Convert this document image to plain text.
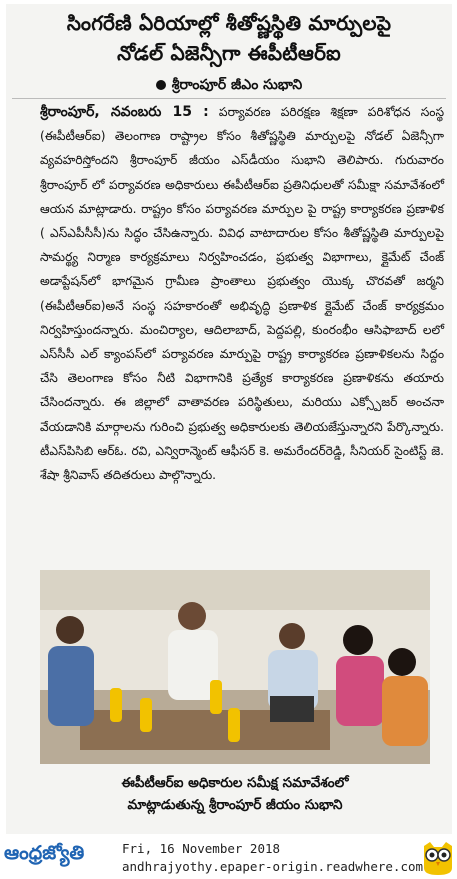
సింగరేణి ఏరియాల్లో శీతోష్ణస్థితి మార్పులపై
నోడల్ ఏజెన్సీగా ఈపీటీఆర్ఐ
శ్రీరాంపూర్ జీఎం సుభాని
శ్రీరాంపూర్, నవంబరు 15 : పర్యావరణ పరిరక్షణ శిక్షణా పరిశోధన సంస్థ (ఈపీటీఆర్ఐ) తెలంగాణ రాష్ట్రాల కోసం శీతోష్ణస్థితి మార్పులపై నోడల్ ఏజెన్సీగా వ్యవహరిస్తోందని శ్రీరాంపూర్ జీయం ఎస్‌డీయం సుభాని తెలిపారు. గురువారం శ్రీరాంపూర్ లో పర్యావరణ అధికారులు ఈపీటీఆర్ఐ ప్రతినిధులతో సమీక్షా సమావేశంలో ఆయన మాట్లాడారు. రాష్ట్రం కోసం పర్యావరణ మార్పుల పై రాష్ట్ర కార్యాకరణ ప్రణాళిక ( ఎస్ఎపీసీసీ)ను సిద్ధం చేసిఉన్నారు. వివిధ వాటాదారుల కోసం శీతోష్ణస్థితి మార్పులపై సామర్థ్య నిర్మాణ కార్యక్రమాలు నిర్వహించడం, ప్రభుత్వ విభాగాలు, క్లైమేట్ చేంజ్ అడాప్టేషన్‌లో భాగమైన గ్రామీణ ప్రాంతాలు ప్రభుత్వం యొక్క చొరవతో జర్మని (ఈపీటీఆర్ఐ)అనే సంస్థ సహకారంతో అభివృద్ధి ప్రణాళిక క్లైమేట్ చేంజ్ కార్యక్రమం నిర్వహిస్తుందన్నారు. మంచిర్యాల, ఆదిలాబాద్, పెద్దపల్లి, కుంరంభీం ఆసిఫాబాద్ లలో ఎస్‌సీసీ ఎల్ క్యాంపస్‌లో పర్యావరణ మార్పుపై రాష్ట్ర కార్యాకరణ ప్రణాళికలను సిద్దం చేసి తెలంగాణ కోసం నీటి విభాగానికి ప్రత్యేక కార్యాకరణ ప్రణాళికను తయారు చేసిందన్నారు. ఈ జిల్లాలో వాతావరణ పరిస్థితులు, మరియు ఎక్స్పోజర్ అంచనా వేయడానికి మార్గాలను గురించి ప్రభుత్వ అధికారులకు తెలియజేస్తున్నారని పేర్కొన్నారు. టీఎస్‌పిసిబి ఆర్ఓ. రవి, ఎన్విరాన్మెంట్ ఆఫీసర్ కె. అమరేందర్‌రెడ్డి, సీనియర్ సైంటిస్ట్ జె. శేషా శ్రీనివాస్ తదితరులు పాల్గొన్నారు.
ఈపీటీఆర్ఐ అధికారుల సమీక్ష సమావేశంలో
మాట్లాడుతున్న శ్రీరాంపూర్ జీయం సుభాని
ఆంధ్రజ్యోతి	Fri, 16 November 2018
andhrajyothy.epaper-origin.readwhere.com
